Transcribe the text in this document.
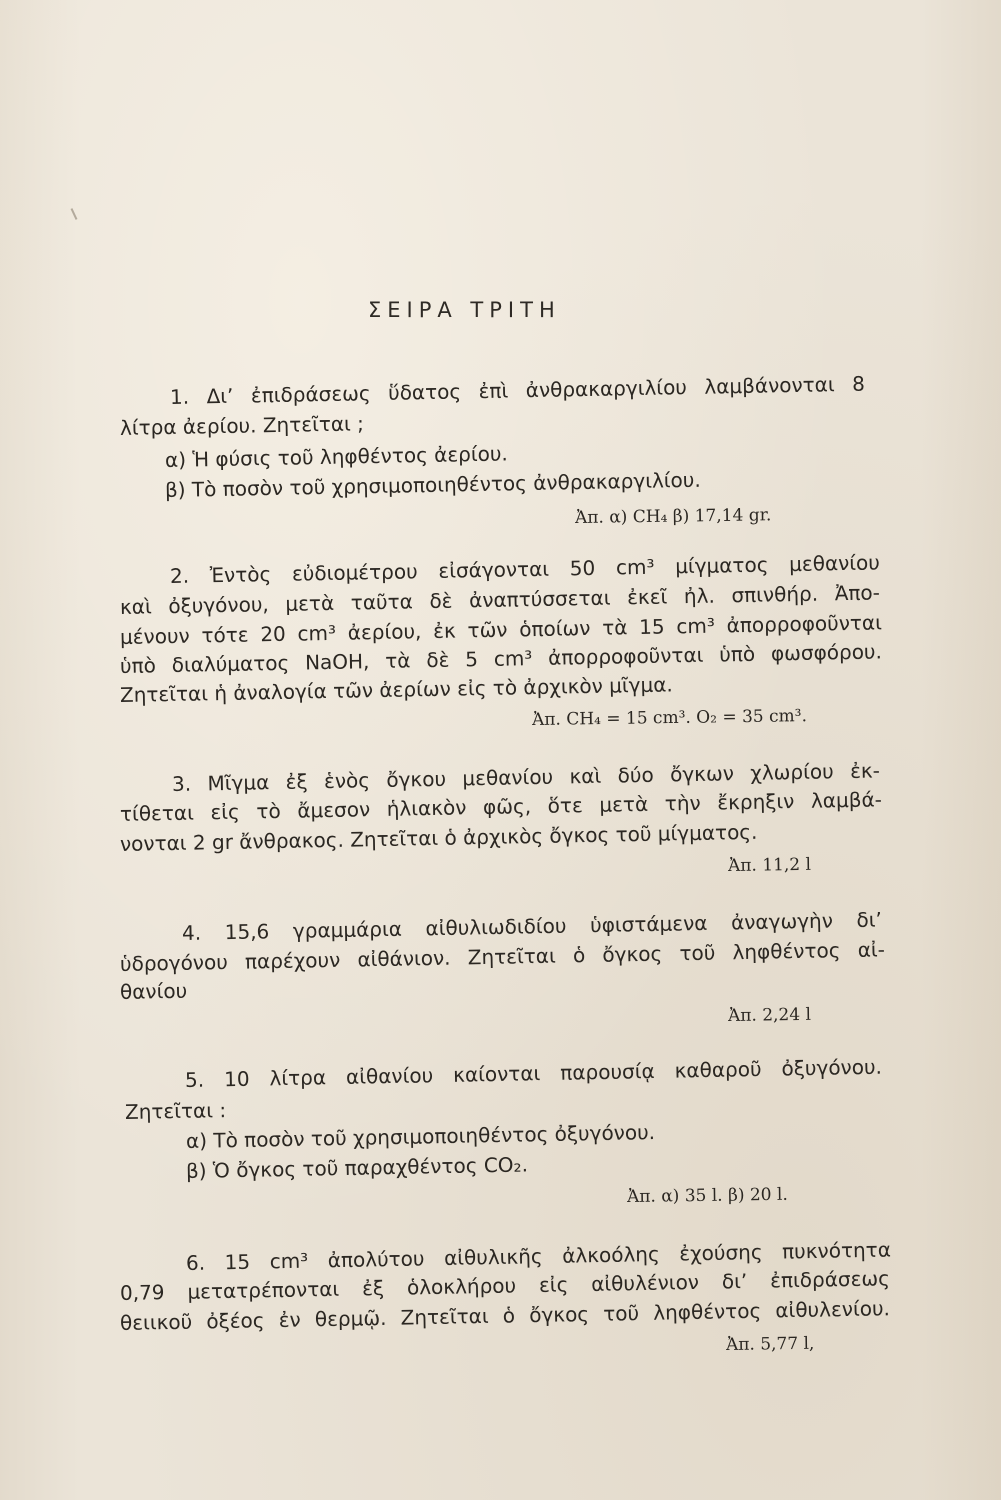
ΣΕΙΡΑ ΤΡΙΤΗ
1. Δι’ ἐπιδράσεως ὕδατος ἐπὶ ἀνθρακαργιλίου λαμβάνονται 8
λίτρα ἀερίου. Ζητεῖται ;
α) Ἡ φύσις τοῦ ληφθέντος ἀερίου.
β) Τὸ ποσὸν τοῦ χρησιμοποιηθέντος ἀνθρακαργιλίου.
Ἀπ. α) CH₄ β) 17,14 gr.
2. Ἐντὸς εὐδιομέτρου εἰσάγονται 50 cm³ μίγματος μεθανίου
καὶ ὀξυγόνου, μετὰ ταῦτα δὲ ἀναπτύσσεται ἐκεῖ ἠλ. σπινθήρ. Ἀπο-
μένουν τότε 20 cm³ ἀερίου, ἐκ τῶν ὁποίων τὰ 15 cm³ ἀπορροφοῦνται
ὑπὸ διαλύματος NaOH, τὰ δὲ 5 cm³ ἀπορροφοῦνται ὑπὸ φωσφόρου.
Ζητεῖται ἡ ἀναλογία τῶν ἀερίων εἰς τὸ ἀρχικὸν μῖγμα.
Ἀπ. CH₄ = 15 cm³. O₂ = 35 cm³.
3. Μῖγμα ἐξ ἑνὸς ὄγκου μεθανίου καὶ δύο ὄγκων χλωρίου ἐκ-
τίθεται εἰς τὸ ἄμεσον ἡλιακὸν φῶς, ὅτε μετὰ τὴν ἔκρηξιν λαμβά-
νονται 2 gr ἄνθρακος. Ζητεῖται ὁ ἀρχικὸς ὄγκος τοῦ μίγματος.
Ἀπ. 11,2 l
4. 15,6 γραμμάρια αἰθυλιωδιδίου ὑφιστάμενα ἀναγωγὴν δι’
ὑδρογόνου παρέχουν αἰθάνιον. Ζητεῖται ὁ ὄγκος τοῦ ληφθέντος αἰ-
θανίου
Ἀπ. 2,24 l
5. 10 λίτρα αἰθανίου καίονται παρουσίᾳ καθαροῦ ὀξυγόνου.
Ζητεῖται :
α) Τὸ ποσὸν τοῦ χρησιμοποιηθέντος ὀξυγόνου.
β) Ὁ ὄγκος τοῦ παραχθέντος CO₂.
Ἀπ. α) 35 l. β) 20 l.
6. 15 cm³ ἀπολύτου αἰθυλικῆς ἀλκοόλης ἐχούσης πυκνότητα
0,79 μετατρέπονται ἐξ ὁλοκλήρου εἰς αἰθυλένιον δι’ ἐπιδράσεως
θειικοῦ ὀξέος ἐν θερμῷ. Ζητεῖται ὁ ὄγκος τοῦ ληφθέντος αἰθυλενίου.
Ἀπ. 5,77 l,
